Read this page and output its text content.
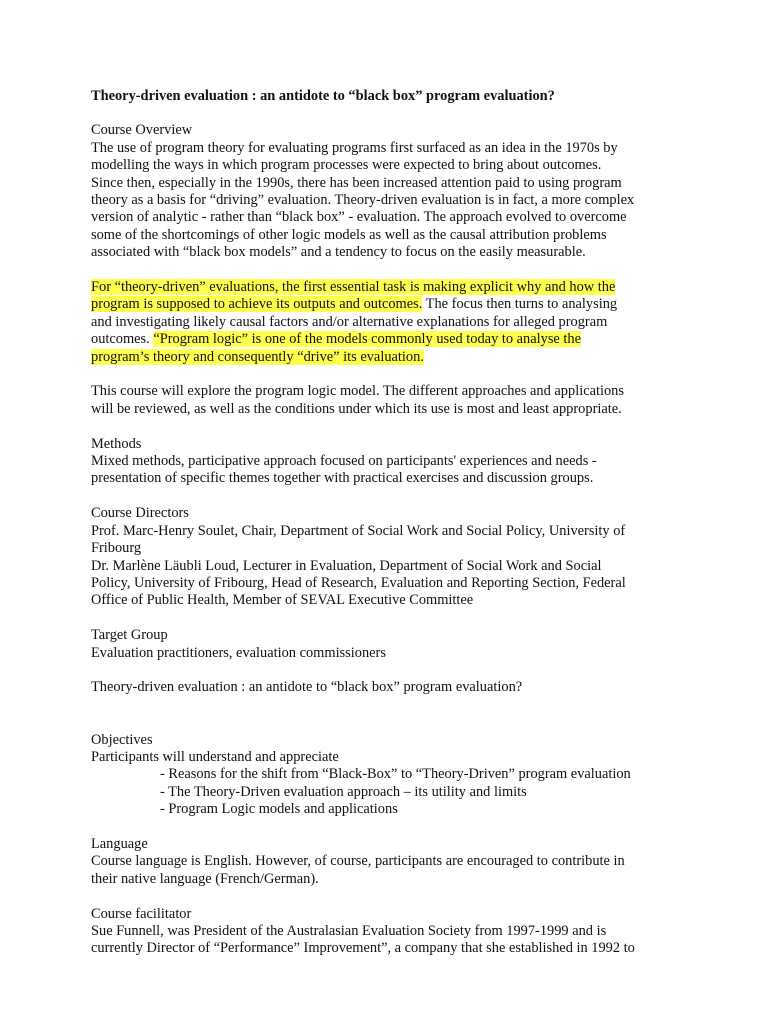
Theory-driven evaluation : an antidote to “black box” program evaluation?

Course Overview

The use of program theory for evaluating programs first surfaced as an idea in the 1970s by

modelling the ways in which program processes were expected to bring about outcomes.

Since then, especially in the 1990s, there has been increased attention paid to using program

theory as a basis for “driving” evaluation. Theory-driven evaluation is in fact, a more complex

version of analytic - rather than “black box” - evaluation. The approach evolved to overcome

some of the shortcomings of other logic models as well as the causal attribution problems

associated with “black box models” and a tendency to focus on the easily measurable.

For “theory-driven” evaluations, the first essential task is making explicit why and how the

program is supposed to achieve its outputs and outcomes. The focus then turns to analysing

and investigating likely causal factors and/or alternative explanations for alleged program

outcomes. “Program logic” is one of the models commonly used today to analyse the

program’s theory and consequently “drive” its evaluation.

This course will explore the program logic model. The different approaches and applications

will be reviewed, as well as the conditions under which its use is most and least appropriate.

Methods

Mixed methods, participative approach focused on participants' experiences and needs -

presentation of specific themes together with practical exercises and discussion groups.

Course Directors

Prof. Marc-Henry Soulet, Chair, Department of Social Work and Social Policy, University of

Fribourg

Dr. Marlène Läubli Loud, Lecturer in Evaluation, Department of Social Work and Social

Policy, University of Fribourg, Head of Research, Evaluation and Reporting Section, Federal

Office of Public Health, Member of SEVAL Executive Committee

Target Group

Evaluation practitioners, evaluation commissioners

Theory-driven evaluation : an antidote to “black box” program evaluation?

Objectives

Participants will understand and appreciate

- Reasons for the shift from “Black-Box” to “Theory-Driven” program evaluation

- The Theory-Driven evaluation approach – its utility and limits

- Program Logic models and applications

Language

Course language is English. However, of course, participants are encouraged to contribute in

their native language (French/German).

Course facilitator

Sue Funnell, was President of the Australasian Evaluation Society from 1997-1999 and is

currently Director of “Performance” Improvement”, a company that she established in 1992 to
